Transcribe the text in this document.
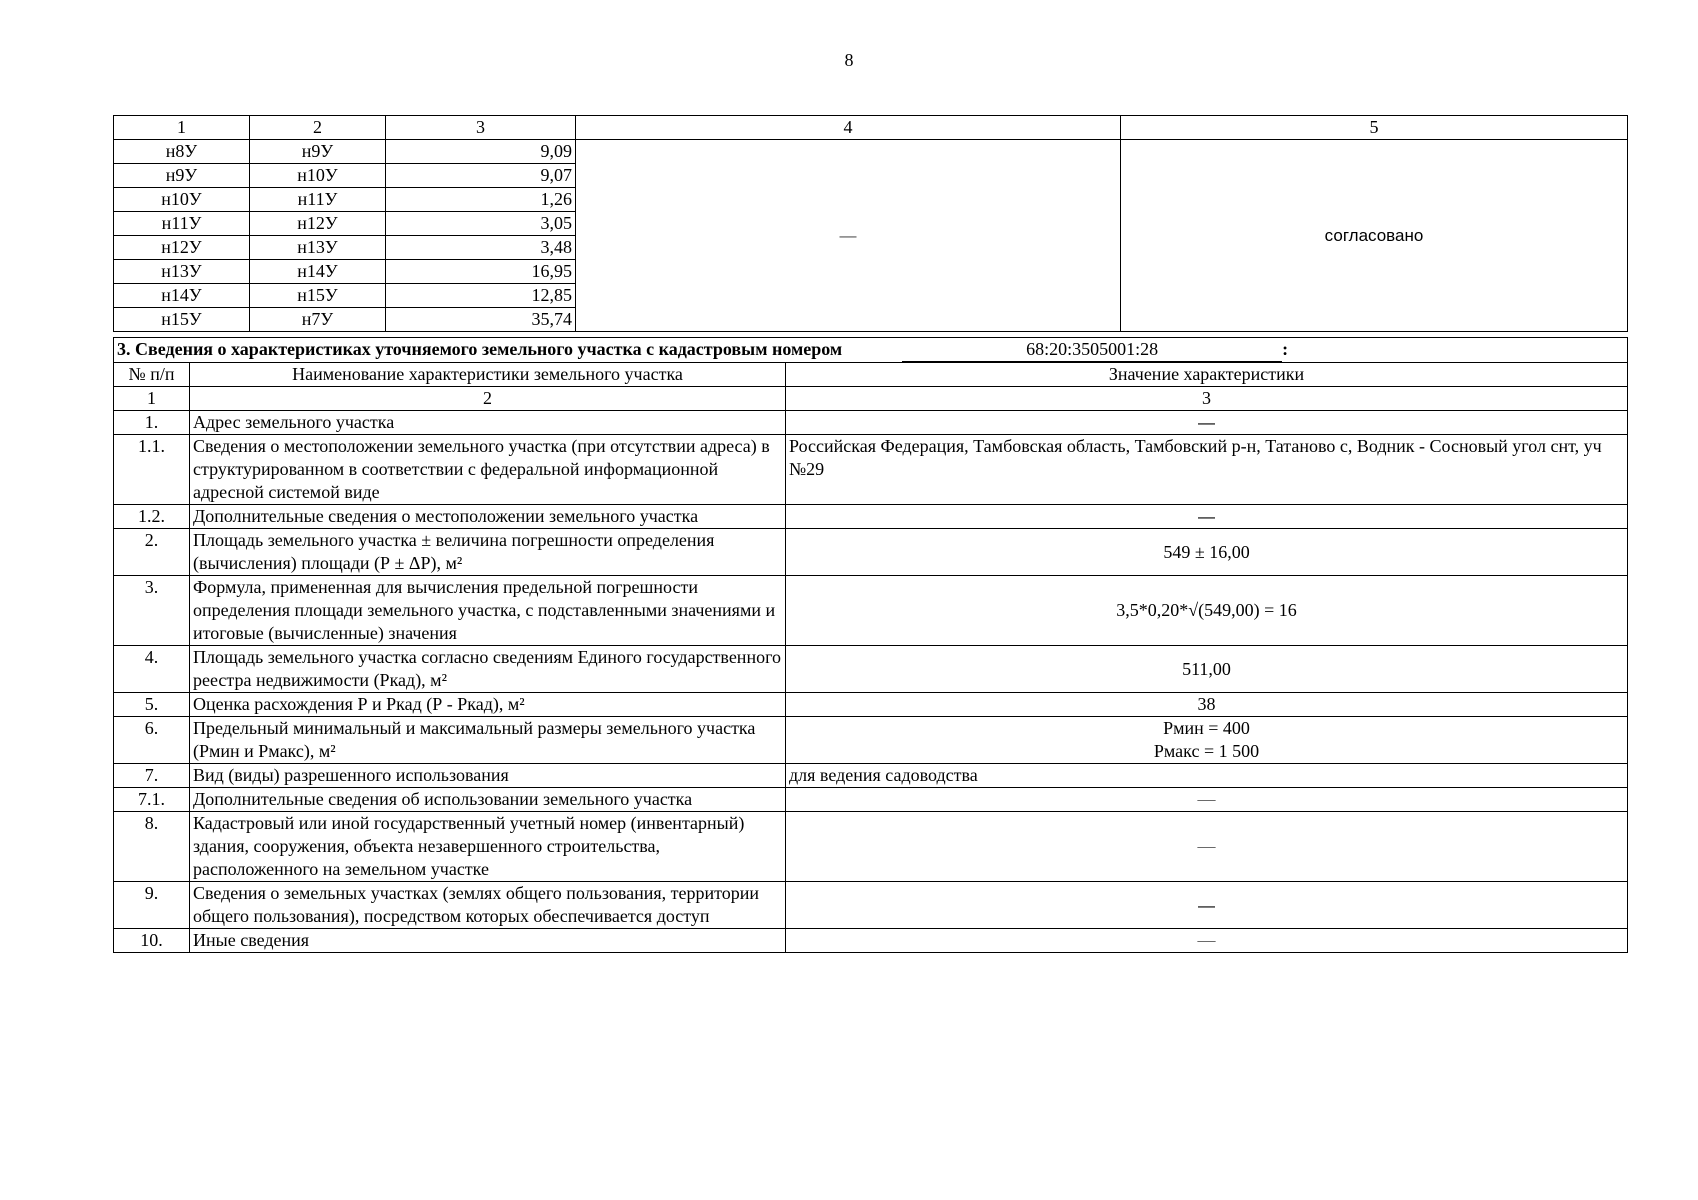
8
1	2	3	4	5
н8У	н9У	9,09	—	согласовано
н9У	н10У	9,07		
н10У	н11У	1,26		
н11У	н12У	3,05		
н12У	н13У	3,48		
н13У	н14У	16,95		
н14У	н15У	12,85		
н15У	н7У	35,74		
3. Сведения о характеристиках уточняемого земельного участка с кадастровым номером 68:20:3505001:28 :		
№ п/п	Наименование характеристики земельного участка	Значение характеристики
1	2	3
1.	Адрес земельного участка	—
1.1.	Сведения о местоположении земельного участка (при отсутствии адреса) в структурированном в соответствии с федеральной информационной адресной системой виде	Российская Федерация, Тамбовская область, Тамбовский р-н, Татаново с, Водник - Сосновый угол снт, уч №29
1.2.	Дополнительные сведения о местоположении земельного участка	—
2.	Площадь земельного участка ± величина погрешности определения (вычисления) площади (Р ± ΔР), м²	549 ± 16,00
3.	Формула, примененная для вычисления предельной погрешности определения площади земельного участка, с подставленными значениями и итоговые (вычисленные) значения	3,5*0,20*√(549,00) = 16
4.	Площадь земельного участка согласно сведениям Единого государственного реестра недвижимости (Ркад), м²	511,00
5.	Оценка расхождения Р и Ркад (Р - Ркад), м²	38
6.	Предельный минимальный и максимальный размеры земельного участка (Рмин и Рмакс), м²	Рмин = 400
Рмакс = 1 500

7.	Вид (виды) разрешенного использования	для ведения садоводства
7.1.	Дополнительные сведения об использовании земельного участка	—
8.	Кадастровый или иной государственный учетный номер (инвентарный) здания, сооружения, объекта незавершенного строительства, расположенного на земельном участке	—
9.	Сведения о земельных участках (землях общего пользования, территории общего пользования), посредством которых обеспечивается доступ	—
10.	Иные сведения	—
